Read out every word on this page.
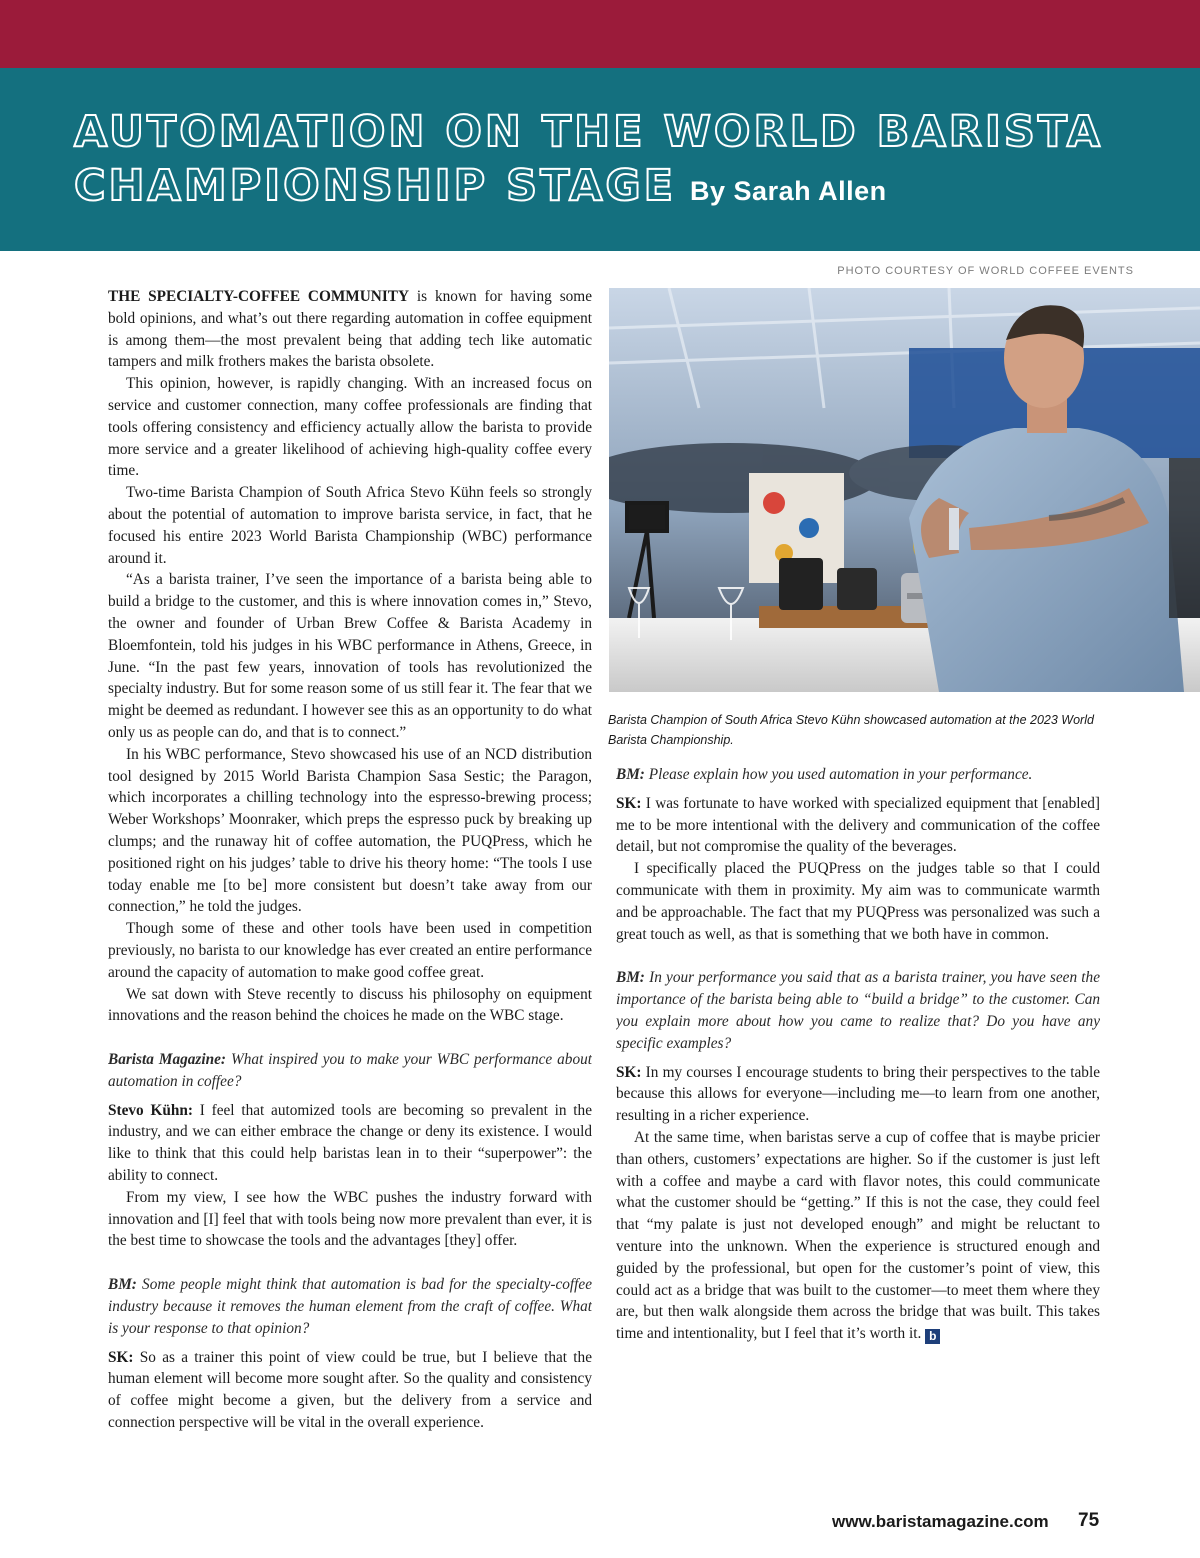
AUTOMATION ON THE WORLD BARISTA
CHAMPIONSHIP STAGE By Sarah Allen

PHOTO COURTESY OF WORLD COFFEE EVENTS

Barista Champion of South Africa Stevo Kühn showcased automation at the 2023 World Barista Championship.

THE SPECIALTY-COFFEE COMMUNITY is known for having some bold opinions, and what’s out there regarding automation in coffee equipment is among them—the most prevalent being that adding tech like automatic tampers and milk frothers makes the barista obsolete.

This opinion, however, is rapidly changing. With an increased focus on service and customer connection, many coffee professionals are finding that tools offering consistency and efficiency actually allow the barista to provide more service and a greater likelihood of achieving high-quality coffee every time.

Two-time Barista Champion of South Africa Stevo Kühn feels so strongly about the potential of automation to improve barista service, in fact, that he focused his entire 2023 World Barista Championship (WBC) performance around it.

“As a barista trainer, I’ve seen the importance of a barista being able to build a bridge to the customer, and this is where innovation comes in,” Stevo, the owner and founder of Urban Brew Coffee & Barista Academy in Bloemfontein, told his judges in his WBC performance in Athens, Greece, in June. “In the past few years, innovation of tools has revolutionized the specialty industry. But for some reason some of us still fear it. The fear that we might be deemed as redundant. I however see this as an opportunity to do what only us as people can do, and that is to connect.”

In his WBC performance, Stevo showcased his use of an NCD distribution tool designed by 2015 World Barista Champion Sasa Sestic; the Paragon, which incorporates a chilling technology into the espresso-brewing process; Weber Workshops’ Moonraker, which preps the espresso puck by breaking up clumps; and the runaway hit of coffee automation, the PUQPress, which he positioned right on his judges’ table to drive his theory home: “The tools I use today enable me [to be] more consistent but doesn’t take away from our connection,” he told the judges.

Though some of these and other tools have been used in competition previously, no barista to our knowledge has ever created an entire performance around the capacity of automation to make good coffee great.

We sat down with Steve recently to discuss his philosophy on equipment innovations and the reason behind the choices he made on the WBC stage.

Barista Magazine: What inspired you to make your WBC performance about automation in coffee?

Stevo Kühn: I feel that automized tools are becoming so prevalent in the industry, and we can either embrace the change or deny its existence. I would like to think that this could help baristas lean in to their “superpower”: the ability to connect.

From my view, I see how the WBC pushes the industry forward with innovation and [I] feel that with tools being now more prevalent than ever, it is the best time to showcase the tools and the advantages [they] offer.

BM: Some people might think that automation is bad for the specialty-coffee industry because it removes the human element from the craft of coffee. What is your response to that opinion?

SK: So as a trainer this point of view could be true, but I believe that the human element will become more sought after. So the quality and consistency of coffee might become a given, but the delivery from a service and connection perspective will be vital in the overall experience.

BM: Please explain how you used automation in your performance.

SK: I was fortunate to have worked with specialized equipment that [enabled] me to be more intentional with the delivery and communication of the coffee detail, but not compromise the quality of the beverages.

I specifically placed the PUQPress on the judges table so that I could communicate with them in proximity. My aim was to communicate warmth and be approachable. The fact that my PUQPress was personalized was such a great touch as well, as that is something that we both have in common.

BM: In your performance you said that as a barista trainer, you have seen the importance of the barista being able to “build a bridge” to the customer. Can you explain more about how you came to realize that? Do you have any specific examples?

SK: In my courses I encourage students to bring their perspectives to the table because this allows for everyone—including me—to learn from one another, resulting in a richer experience.

At the same time, when baristas serve a cup of coffee that is maybe pricier than others, customers’ expectations are higher. So if the customer is just left with a coffee and maybe a card with flavor notes, this could communicate what the customer should be “getting.” If this is not the case, they could feel that “my palate is just not developed enough” and might be reluctant to venture into the unknown. When the experience is structured enough and guided by the professional, but open for the customer’s point of view, this could act as a bridge that was built to the customer—to meet them where they are, but then walk alongside them across the bridge that was built. This takes time and intentionality, but I feel that it’s worth it. b

www.baristamagazine.com 75
